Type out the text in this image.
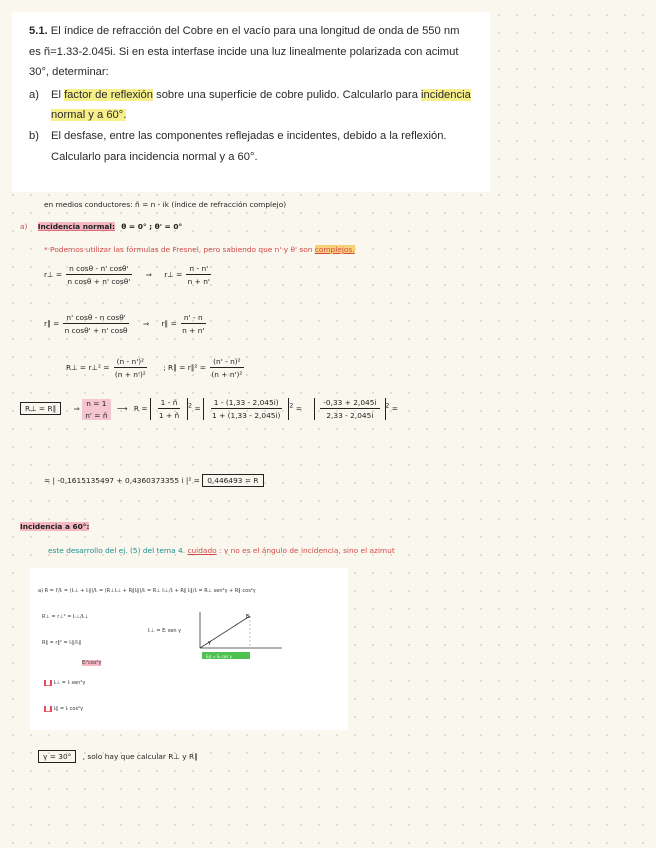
5.1. El índice de refracción del Cobre en el vacío para una longitud de onda de 550 nm es ñ=1.33-2.045i. Si en esta interfase incide una luz linealmente polarizada con acimut 30°, determinar:

a)	El factor de reflexión sobre una superficie de cobre pulido. Calcularlo para incidencia normal y a 60°.
b)	El desfase, entre las componentes reflejadas e incidentes, debido a la reflexión. Calcularlo para incidencia normal y a 60°.
en medios conductores: ñ = n - ik (índice de refracción complejo)
a) Incidencia normal: θ = 0° ; θ' = 0°
* Podemos utilizar las fórmulas de Fresnel, pero sabiendo que n' y θ' son complejos.
r⊥ = $\frac{\text{n cosθ - n' cosθ'}}{\text{n cosθ + n' cosθ'}}$ ⇒ r⊥ = $\frac{n - n'}{n + n'}$
r∥ = $\frac{\text{n' cosθ - n cosθ'}}{\text{n cosθ' + n' cosθ}}$ ⇒ r∥ = $\frac{n' - n}{n + n'}$
R⊥ = r⊥² = $\frac{\text{(n - n')²}}{\text{(n + n')²}}$ ; R∥ = r∥² = $\frac{\text{(n' - n)²}}{\text{(n + n')²}}$
R⊥ = R∥ ⇒
n = 1
n' = ñ
⟶ $R = \frac{1 - ñ}{1 + ñ} ^2 = \frac{1 - (1,33 - 2,045i)}{1 + (1,33 - 2,045i)} ^2 = \frac{-0,33 + 2,045i}{2,33 - 2,045i} ^2$ =
= | -0,1615135497 + 0,4360373355 i |² = 0,446493 = R
Incidencia a 60°:
este desarrollo del ej. (5) del tema 4. cuidado : γ no es el ángulo de incidencia, sino el azimut
a) R = Iʳ/Iᵢ = (Iᵣ⊥ + Iᵣ∥)/Iᵢ = (R⊥Iᵢ⊥ + R∥Iᵢ∥)/Iᵢ = R⊥ Iᵢ⊥/Iᵢ + R∥ Iᵢ∥/Iᵢ = R⊥ sen²γ + R∥ cos²γ
R⊥ = r⊥² = Iᵣ⊥/Iᵢ⊥
R∥ = r∥² = Iᵣ∥/Iᵢ∥
Iᵢ⊥ = Eᵢ sen γ
Eᵢ²cos²γ
▇ Iᵢ⊥ = Iᵢ sen²γ
▇ Iᵢ∥ = Iᵢ cos²γ
Eᵢ
γ
Eᵢ∥ = Eᵢ cos γ
γ = 30° , solo hay que calcular R⊥ y R∥
